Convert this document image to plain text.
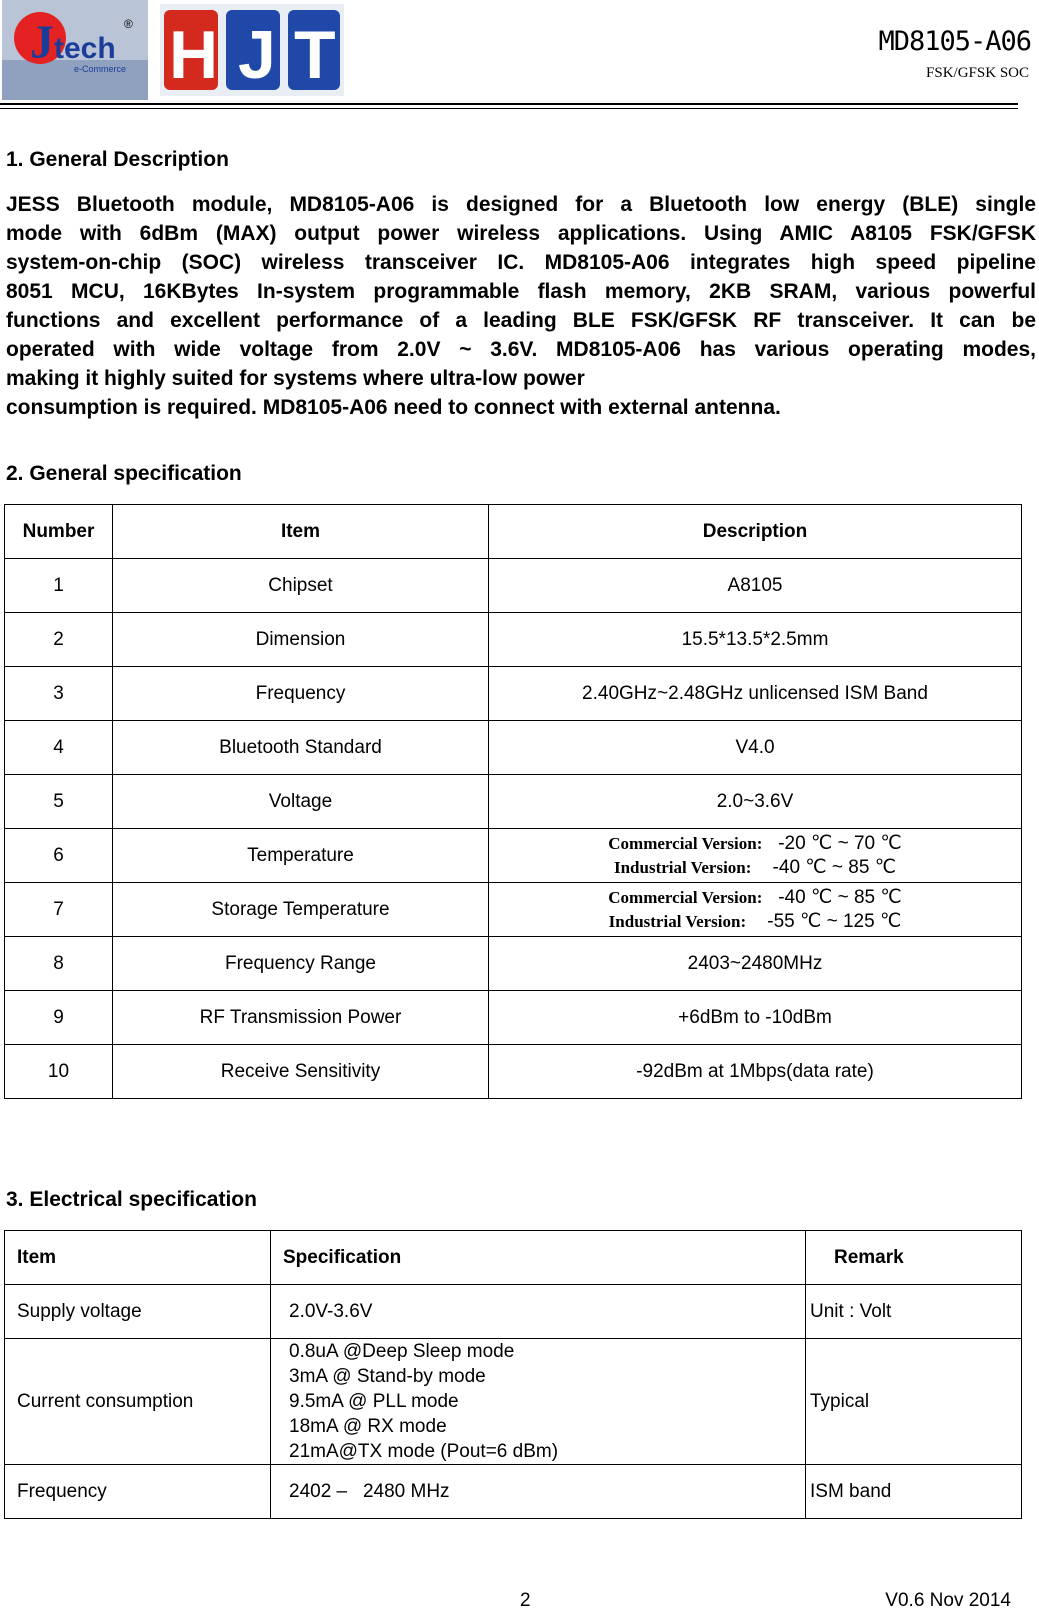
J tech
®
e-Commerce H J T	MD8105-A06
FSK/GFSK SOC
1. General Description
JESS Bluetooth module, MD8105-A06 is designed for a Bluetooth low energy (BLE) single
mode with 6dBm (MAX) output power wireless applications. Using AMIC A8105 FSK/GFSK
system-on-chip (SOC) wireless transceiver IC. MD8105-A06 integrates high speed pipeline
8051 MCU, 16KBytes In-system programmable flash memory, 2KB SRAM, various powerful
functions and excellent performance of a leading BLE FSK/GFSK RF transceiver. It can be
operated with wide voltage from 2.0V ~ 3.6V. MD8105-A06 has various operating modes,
making it highly suited for systems where ultra-low power
consumption is required. MD8105-A06 need to connect with external antenna.
2. General specification
Number	Item	Description
1	Chipset	A8105
2	Dimension	15.5*13.5*2.5mm
3	Frequency	2.40GHz~2.48GHz unlicensed ISM Band
4	Bluetooth Standard	V4.0
5	Voltage	2.0~3.6V
6	Temperature	Commercial Version: -20 ℃ ~ 70 ℃
Industrial Version: -40 ℃ ~ 85 ℃

7	Storage Temperature	Commercial Version: -40 ℃ ~ 85 ℃
Industrial Version: -55 ℃ ~ 125 ℃

8	Frequency Range	2403~2480MHz
9	RF Transmission Power	+6dBm to -10dBm
10	Receive Sensitivity	-92dBm at 1Mbps(data rate)
3. Electrical specification
Item	Specification	Remark
Supply voltage	2.0V-3.6V	Unit : Volt
Current consumption	0.8uA @Deep Sleep mode
3mA @ Stand-by mode
9.5mA @ PLL mode
18mA @ RX mode
21mA@TX mode (Pout=6 dBm)	Typical
Frequency	2402 –   2480 MHz	ISM band
2	V0.6 Nov 2014
